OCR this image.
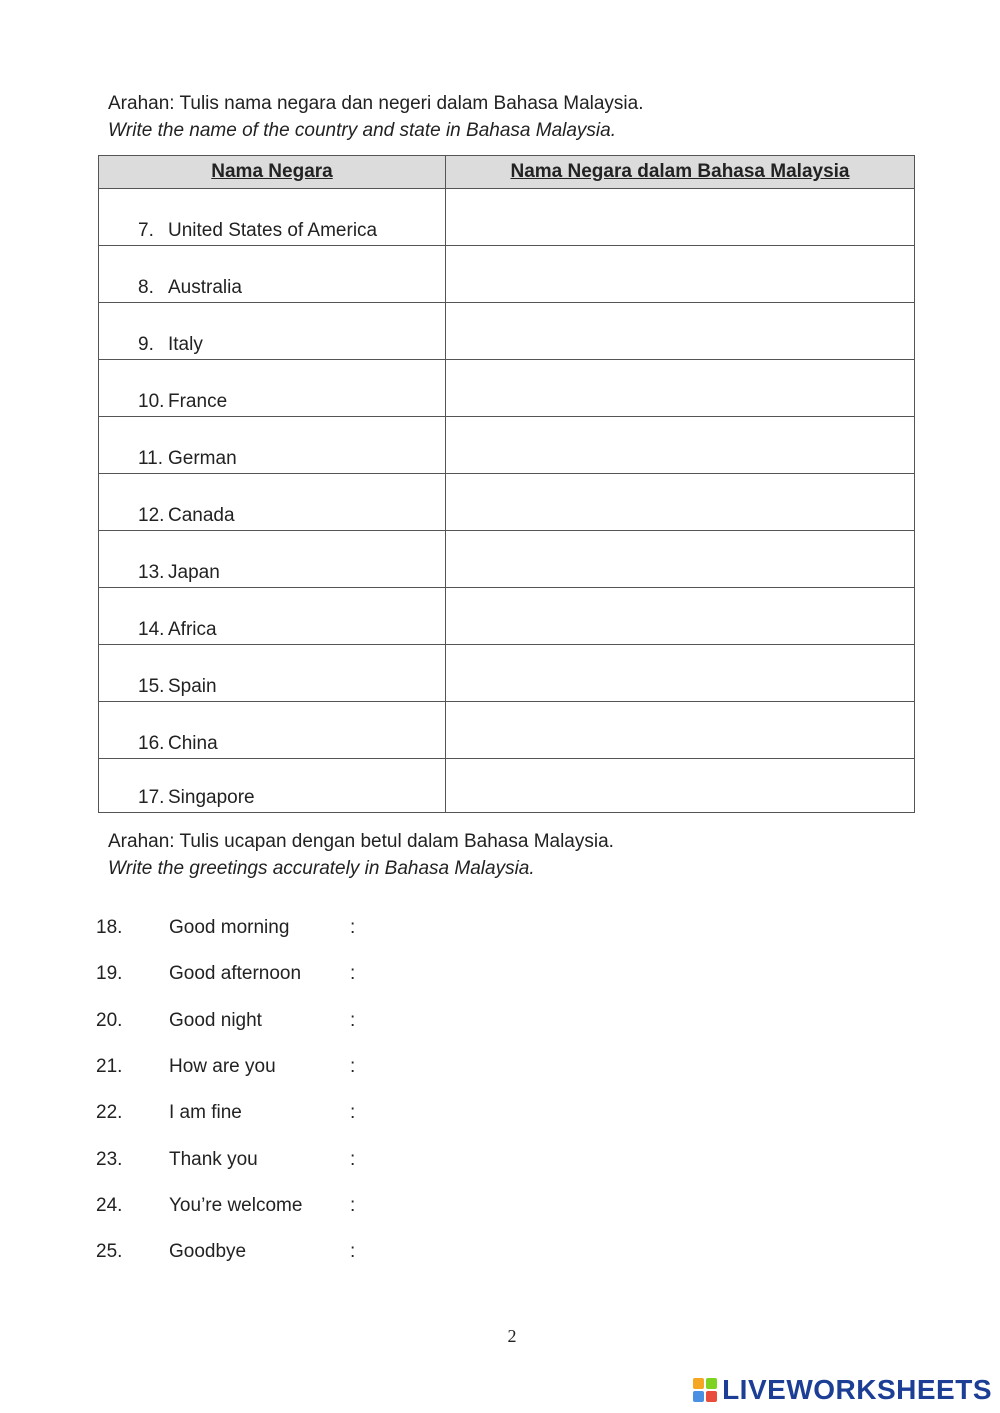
Arahan: Tulis nama negara dan negeri dalam Bahasa Malaysia.
Write the name of the country and state in Bahasa Malaysia.
Nama Negara	Nama Negara dalam Bahasa Malaysia
7. United States of America	
8. Australia	
9. Italy	
10. France	
11. German	
12. Canada	
13. Japan	
14. Africa	
15. Spain	
16. China	
17. Singapore	
Arahan: Tulis ucapan dengan betul dalam Bahasa Malaysia.
Write the greetings accurately in Bahasa Malaysia.
18.	Good morning	:
19.	Good afternoon	:
20.	Good night	:
21.	How are you	:
22.	I am fine	:
23.	Thank you	:
24.	You’re welcome	:
25.	Goodbye	:
2
LIVEWORKSHEETS
